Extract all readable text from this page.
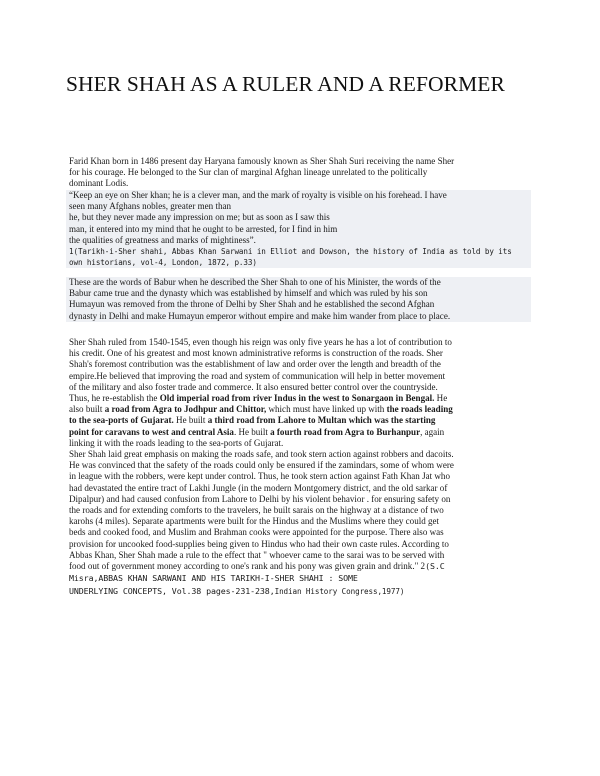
SHER SHAH AS A RULER AND A REFORMER
Farid Khan born in 1486 present day Haryana famously known as Sher Shah Suri receiving the name Sher
for his courage. He belonged to the Sur clan of marginal Afghan lineage unrelated to the politically
dominant Lodis.
“Keep an eye on Sher khan; he is a clever man, and the mark of royalty is visible on his forehead. I have
seen many Afghans nobles, greater men than
he, but they never made any impression on me; but as soon as I saw this
man, it entered into my mind that he ought to be arrested, for I find in him
the qualities of greatness and marks of mightiness”.
1(Tarikh-i-Sher shahi, Abbas Khan Sarwani in Elliot and Dowson, the history of India as told by its
own historians, vol-4, London, 1872, p.33)
These are the words of Babur when he described the Sher Shah to one of his Minister, the words of the
Babur came true and the dynasty which was established by himself and which was ruled by his son
Humayun was removed from the throne of Delhi by Sher Shah and he established the second Afghan
dynasty in Delhi and make Humayun emperor without empire and make him wander from place to place.
Sher Shah ruled from 1540-1545, even though his reign was only five years he has a lot of contribution to
his credit. One of his greatest and most known administrative reforms is construction of the roads. Sher
Shah's foremost contribution was the establishment of law and order over the length and breadth of the
empire.He believed that improving the road and system of communication will help in better movement
of the military and also foster trade and commerce. It also ensured better control over the countryside.
Thus, he re-establish the Old imperial road from river Indus in the west to Sonargaon in Bengal. He
also built a road from Agra to Jodhpur and Chittor, which must have linked up with the roads leading
to the sea-ports of Gujarat. He built a third road from Lahore to Multan which was the starting
point for caravans to west and central Asia. He built a fourth road from Agra to Burhanpur, again
linking it with the roads leading to the sea-ports of Gujarat.
Sher Shah laid great emphasis on making the roads safe, and took stern action against robbers and dacoits.
He was convinced that the safety of the roads could only be ensured if the zamindars, some of whom were
in league with the robbers, were kept under control. Thus, he took stern action against Fath Khan Jat who
had devastated the entire tract of Lakhi Jungle (in the modern Montgomery district, and the old sarkar of
Dipalpur) and had caused confusion from Lahore to Delhi by his violent behavior . for ensuring safety on
the roads and for extending comforts to the travelers, he built sarais on the highway at a distance of two
karohs (4 miles). Separate apartments were built for the Hindus and the Muslims where they could get
beds and cooked food, and Muslim and Brahman cooks were appointed for the purpose. There also was
provision for uncooked food-supplies being given to Hindus who had their own caste rules. According to
Abbas Khan, Sher Shah made a rule to the effect that " whoever came to the sarai was to be served with
food out of government money according to one's rank and his pony was given grain and drink." 2(S.C
Misra,ABBAS KHAN SARWANI AND HIS TARIKH-I-SHER SHAHI : SOME
UNDERLYING CONCEPTS, Vol.38 pages-231-238,Indian History Congress,1977)
